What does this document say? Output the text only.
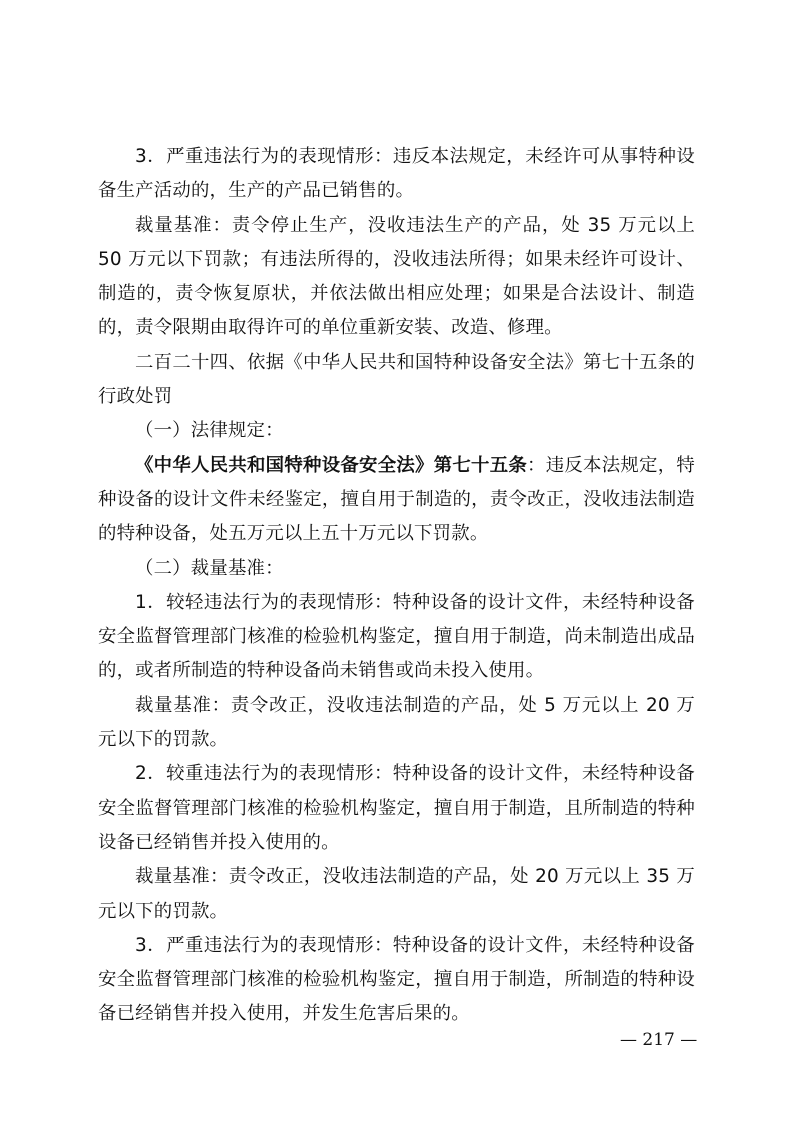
3．严重违法行为的表现情形：违反本法规定，未经许可从事特种设备生产活动的，生产的产品已销售的。

裁量基准：责令停止生产，没收违法生产的产品，处 35 万元以上 50 万元以下罚款；有违法所得的，没收违法所得；如果未经许可设计、制造的，责令恢复原状，并依法做出相应处理；如果是合法设计、制造的，责令限期由取得许可的单位重新安装、改造、修理。

二百二十四、依据《中华人民共和国特种设备安全法》第七十五条的行政处罚

（一）法律规定：

《中华人民共和国特种设备安全法》第七十五条：违反本法规定，特种设备的设计文件未经鉴定，擅自用于制造的，责令改正，没收违法制造的特种设备，处五万元以上五十万元以下罚款。

（二）裁量基准：

1．较轻违法行为的表现情形：特种设备的设计文件，未经特种设备安全监督管理部门核准的检验机构鉴定，擅自用于制造，尚未制造出成品的，或者所制造的特种设备尚未销售或尚未投入使用。

裁量基准：责令改正，没收违法制造的产品，处 5 万元以上 20 万元以下的罚款。

2．较重违法行为的表现情形：特种设备的设计文件，未经特种设备安全监督管理部门核准的检验机构鉴定，擅自用于制造，且所制造的特种设备已经销售并投入使用的。

裁量基准：责令改正，没收违法制造的产品，处 20 万元以上 35 万元以下的罚款。

3．严重违法行为的表现情形：特种设备的设计文件，未经特种设备安全监督管理部门核准的检验机构鉴定，擅自用于制造，所制造的特种设备已经销售并投入使用，并发生危害后果的。

— 217 —
